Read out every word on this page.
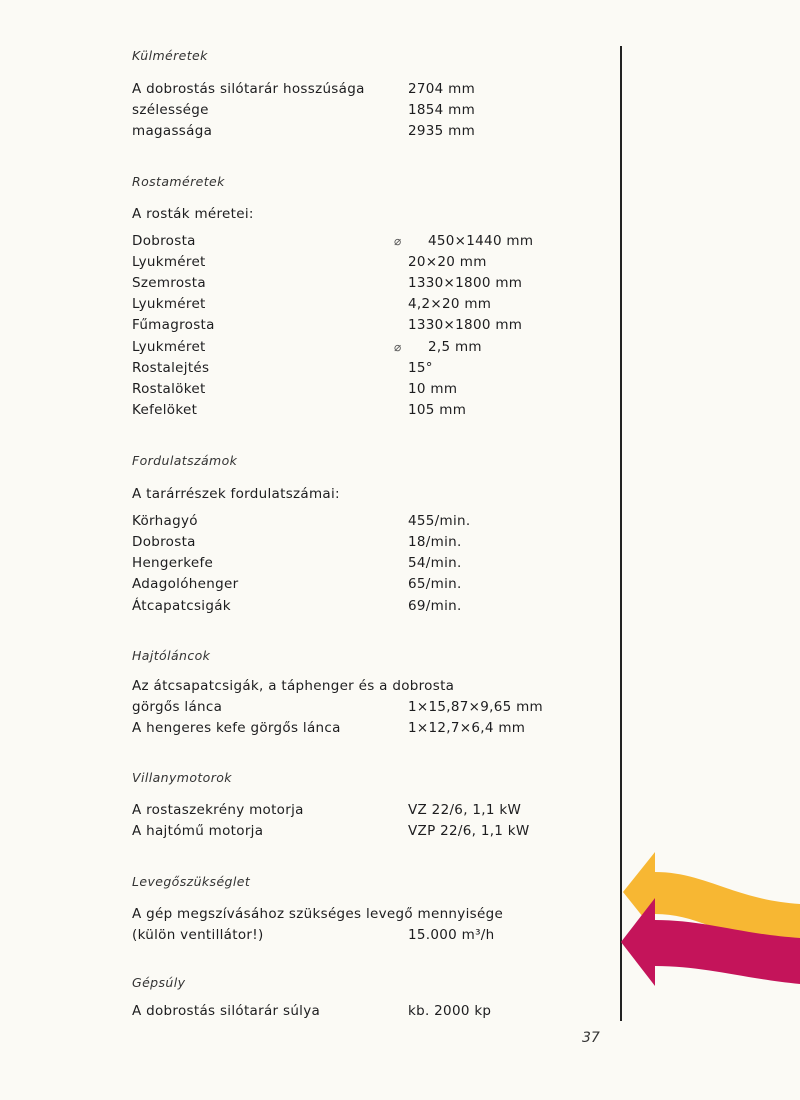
Külméretek
A dobrostás silótarár hosszúsága	2704 mm
szélessége	1854 mm
magassága	2935 mm
Rostaméretek
A rosták méretei:
Dobrosta	⌀ 450×1440 mm
Lyukméret	20×20 mm
Szemrosta	1330×1800 mm
Lyukméret	4,2×20 mm
Fűmagrosta	1330×1800 mm
Lyukméret	⌀ 2,5 mm
Rostalejtés	15°
Rostalöket	10 mm
Kefelöket	105 mm
Fordulatszámok
A tarárrészek fordulatszámai:
Körhagyó	455/min.
Dobrosta	18/min.
Hengerkefe	54/min.
Adagolóhenger	65/min.
Átcapatcsigák	69/min.
Hajtóláncok
Az átcsapatcsigák, a táphenger és a dobrosta
görgős lánca	1×15,87×9,65 mm
A hengeres kefe görgős lánca	1×12,7×6,4 mm
Villanymotorok
A rostaszekrény motorja	VZ 22/6, 1,1 kW
A hajtómű motorja	VZP 22/6, 1,1 kW
Levegőszükséglet
A gép megszívásához szükséges levegő mennyisége
(külön ventillátor!)	15.000 m³/h
Gépsúly
A dobrostás silótarár súlya	kb. 2000 kp
37
